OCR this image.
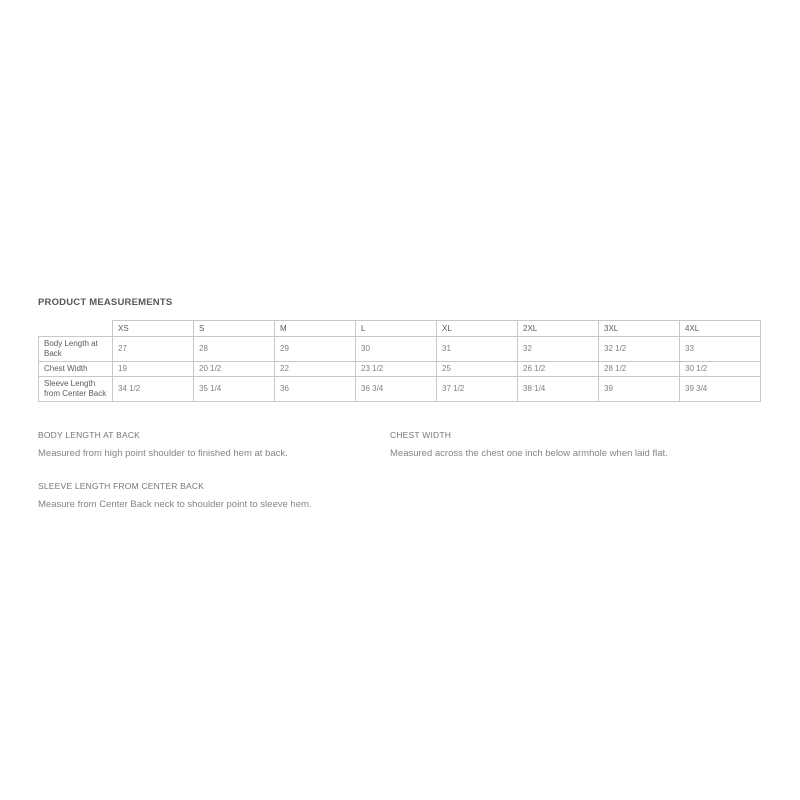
PRODUCT MEASUREMENTS
	XS	S	M	L	XL	2XL	3XL	4XL
Body Length at Back	27	28	29	30	31	32	32 1/2	33
Chest Width	19	20 1/2	22	23 1/2	25	26 1/2	28 1/2	30 1/2
Sleeve Length from Center Back	34 1/2	35 1/4	36	36 3/4	37 1/2	38 1/4	39	39 3/4
BODY LENGTH AT BACK
Measured from high point shoulder to finished hem at back.
CHEST WIDTH
Measured across the chest one inch below armhole when laid flat.
SLEEVE LENGTH FROM CENTER BACK
Measure from Center Back neck to shoulder point to sleeve hem.
